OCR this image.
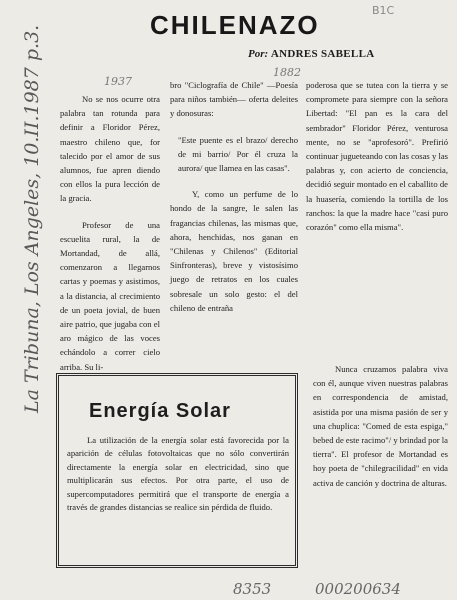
CHILENAZO	B1C
Por: ANDRES SABELLA
La Tribuna, Los Angeles, 10.II.1987 p.3.	1937
1882

No se nos ocurre otra palabra tan rotunda para definir a Floridor Pérez, maestro chileno que, for talecido por el amor de sus alumnos, fue apren diendo con ellos la pura lección de la gracia.

Profesor de una escuelita rural, la de Mortandad, de allá, comenzaron a llegarnos cartas y poemas y asistimos, a la distancia, al crecimiento de un poeta jovial, de buen aire patrio, que jugaba con el aro mágico de las voces echándolo a correr cielo arriba. Su li-

bro "Ciclografía de Chile" —Poesía para niños también— oferta deleites y donosuras:

"Este puente es el brazo/ derecho de mi barrio/ Por él cruza la aurora/ que llamea en las casas".

Y, como un perfume de lo hondo de la sangre, le salen las fragancias chilenas, las mismas que, ahora, henchidas, nos ganan en "Chilenas y Chilenos" (Editorial Sinfronteras), breve y vistosísimo juego de retratos en los cuales sobresale un solo gesto: el del chileno de entraña

poderosa que se tutea con la tierra y se compromete para siempre con la señora Libertad: "El pan es la cara del sembrador" Floridor Pérez, venturosa mente, no se "aprofesoró". Prefirió continuar jugueteando con las cosas y las palabras y, con acierto de conciencia, decidió seguir montado en el caballito de la huasería, comiendo la tortilla de los ranchos: la que la madre hace "casi puro corazón" como ella misma".

Nunca cruzamos palabra viva con él, aunque viven nuestras palabras en correspondencia de amistad, asistida por una misma pasión de ser y una chuplica: "Comed de esta espiga," bebed de este racimo"/ y brindad por la tierra". El profesor de Mortandad es hoy poeta de "chilegracilidad" en vida activa de canción y doctrina de alturas.

Energía Solar

La utilización de la energía solar está favorecida por la aparición de células fotovoltaicas que no sólo convertirán directamente la energía solar en electricidad, sino que multiplicarán sus efectos. Por otra parte, el uso de supercomputadores permitirá que el transporte de energía a través de grandes distancias se realice sin pérdida de fluido.

8353	000200634
